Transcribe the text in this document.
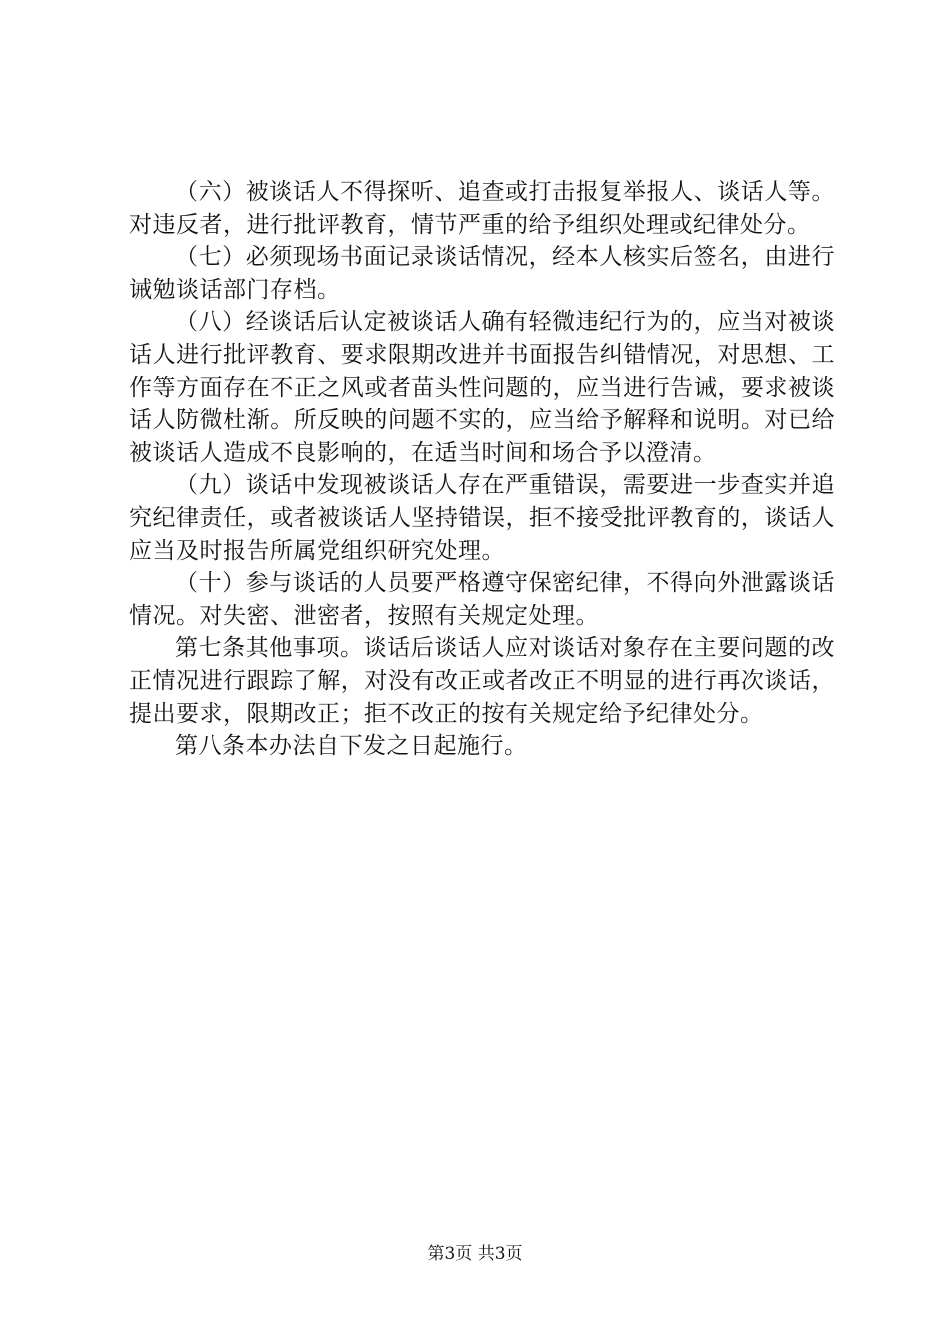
（六）被谈话人不得探听、追查或打击报复举报人、谈话人等。对违反者，进行批评教育，情节严重的给予组织处理或纪律处分。

（七）必须现场书面记录谈话情况，经本人核实后签名，由进行诫勉谈话部门存档。

（八）经谈话后认定被谈话人确有轻微违纪行为的，应当对被谈话人进行批评教育、要求限期改进并书面报告纠错情况，对思想、工作等方面存在不正之风或者苗头性问题的，应当进行告诫，要求被谈话人防微杜渐。所反映的问题不实的，应当给予解释和说明。对已给被谈话人造成不良影响的，在适当时间和场合予以澄清。

（九）谈话中发现被谈话人存在严重错误，需要进一步查实并追究纪律责任，或者被谈话人坚持错误，拒不接受批评教育的，谈话人应当及时报告所属党组织研究处理。

（十）参与谈话的人员要严格遵守保密纪律，不得向外泄露谈话情况。对失密、泄密者，按照有关规定处理。

第七条其他事项。谈话后谈话人应对谈话对象存在主要问题的改正情况进行跟踪了解，对没有改正或者改正不明显的进行再次谈话，提出要求，限期改正；拒不改正的按有关规定给予纪律处分。

第八条本办法自下发之日起施行。

第3页 共3页
